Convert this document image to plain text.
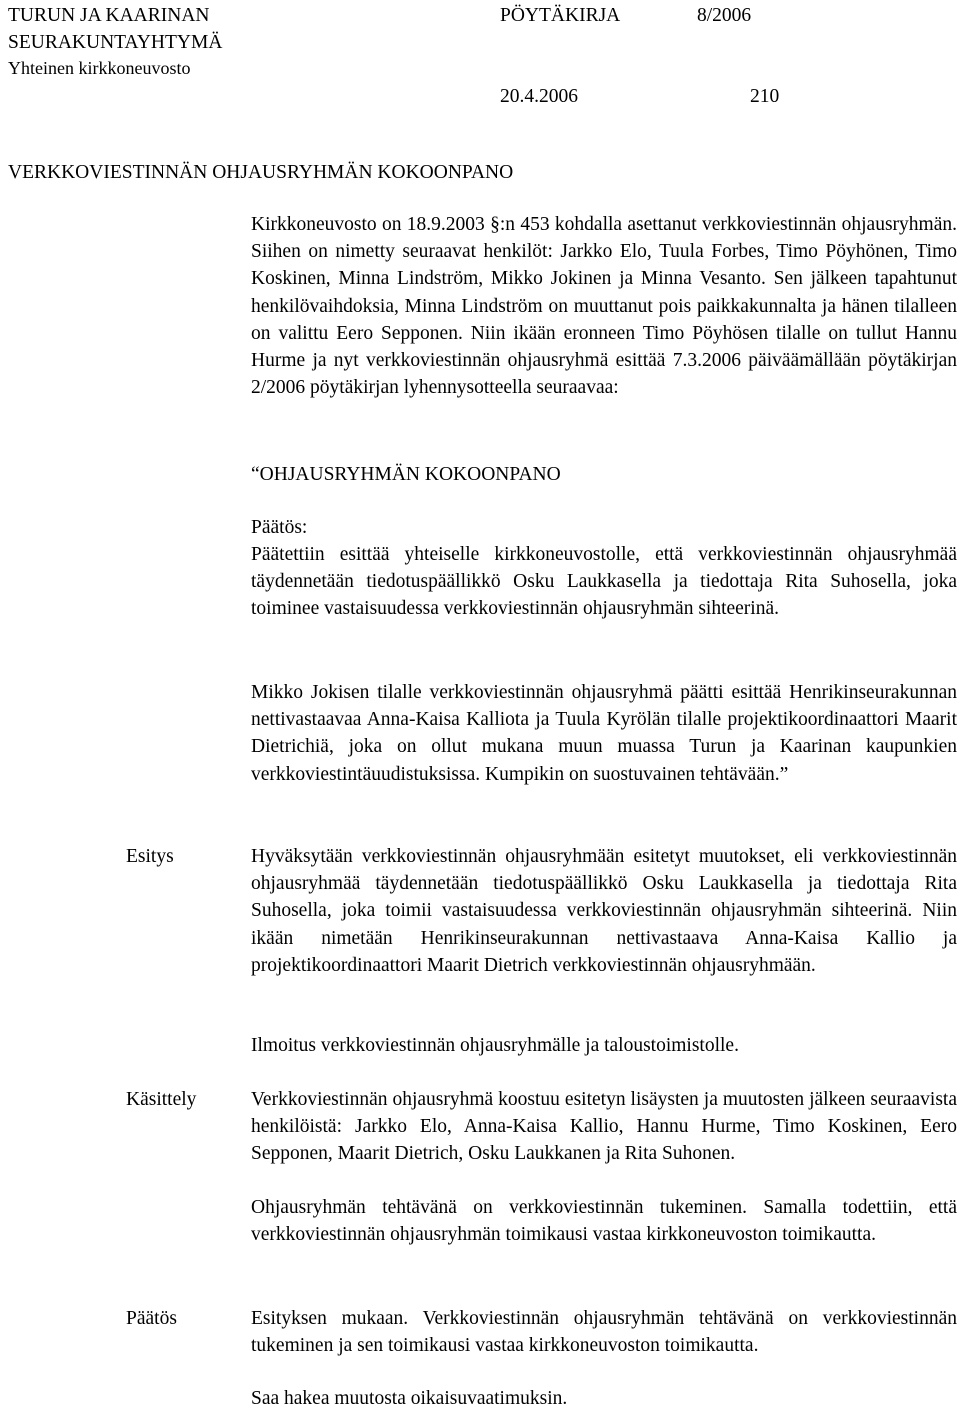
TURUN JA KAARINAN
SEURAKUNTAYHTYMÄ
Yhteinen kirkkoneuvosto
PÖYTÄKIRJA	8/2006
20.4.2006	210
VERKKOVIESTINNÄN OHJAUSRYHMÄN KOKOONPANO
Kirkkoneuvosto on 18.9.2003 §:n 453 kohdalla asettanut verkkoviestinnän ohjausryhmän. Siihen on nimetty seuraavat henkilöt: Jarkko Elo, Tuula Forbes, Timo Pöyhönen, Timo Koskinen, Minna Lindström, Mikko Jokinen ja Minna Vesanto. Sen jälkeen tapahtunut henkilövaihdoksia, Minna Lindström on muuttanut pois paikkakunnalta ja hänen tilalleen on valittu Eero Sepponen. Niin ikään eronneen Timo Pöyhösen tilalle on tullut Hannu Hurme ja nyt verkkoviestinnän ohjausryhmä esittää 7.3.2006 päiväämällään pöytäkirjan 2/2006 pöytäkirjan lyhennysotteella seuraavaa:
“OHJAUSRYHMÄN KOKOONPANO
Päätös:
Päätettiin esittää yhteiselle kirkkoneuvostolle, että verkkoviestinnän ohjausryhmää täydennetään tiedotuspäällikkö Osku Laukkasella ja tiedottaja Rita Suhosella, joka toiminee vastaisuudessa verkkoviestinnän ohjausryhmän sihteerinä.
Mikko Jokisen tilalle verkkoviestinnän ohjausryhmä päätti esittää Henrikinseurakunnan nettivastaavaa Anna-Kaisa Kalliota ja Tuula Kyrölän tilalle projektikoordinaattori Maarit Dietrichiä, joka on ollut mukana muun muassa Turun ja Kaarinan kaupunkien verkkoviestintäuudistuksissa. Kumpikin on suostuvainen tehtävään.”
Esitys	Hyväksytään verkkoviestinnän ohjausryhmään esitetyt muutokset, eli verkkoviestinnän ohjausryhmää täydennetään tiedotuspäällikkö Osku Laukkasella ja tiedottaja Rita Suhosella, joka toimii vastaisuudessa verkkoviestinnän ohjausryhmän sihteerinä. Niin ikään nimetään Henrikinseurakunnan nettivastaava Anna-Kaisa Kallio ja projektikoordinaattori Maarit Dietrich verkkoviestinnän ohjausryhmään.
Ilmoitus verkkoviestinnän ohjausryhmälle ja taloustoimistolle.
Käsittely	Verkkoviestinnän ohjausryhmä koostuu esitetyn lisäysten ja muutosten jälkeen seuraavista henkilöistä: Jarkko Elo, Anna-Kaisa Kallio, Hannu Hurme, Timo Koskinen, Eero Sepponen, Maarit Dietrich, Osku Laukkanen ja Rita Suhonen.
Ohjausryhmän tehtävänä on verkkoviestinnän tukeminen. Samalla todettiin, että verkkoviestinnän ohjausryhmän toimikausi vastaa kirkkoneuvoston toimikautta.
Päätös	Esityksen mukaan. Verkkoviestinnän ohjausryhmän tehtävänä on verkkoviestinnän tukeminen ja sen toimikausi vastaa kirkkoneuvoston toimikautta.
Saa hakea muutosta oikaisuvaatimuksin.
